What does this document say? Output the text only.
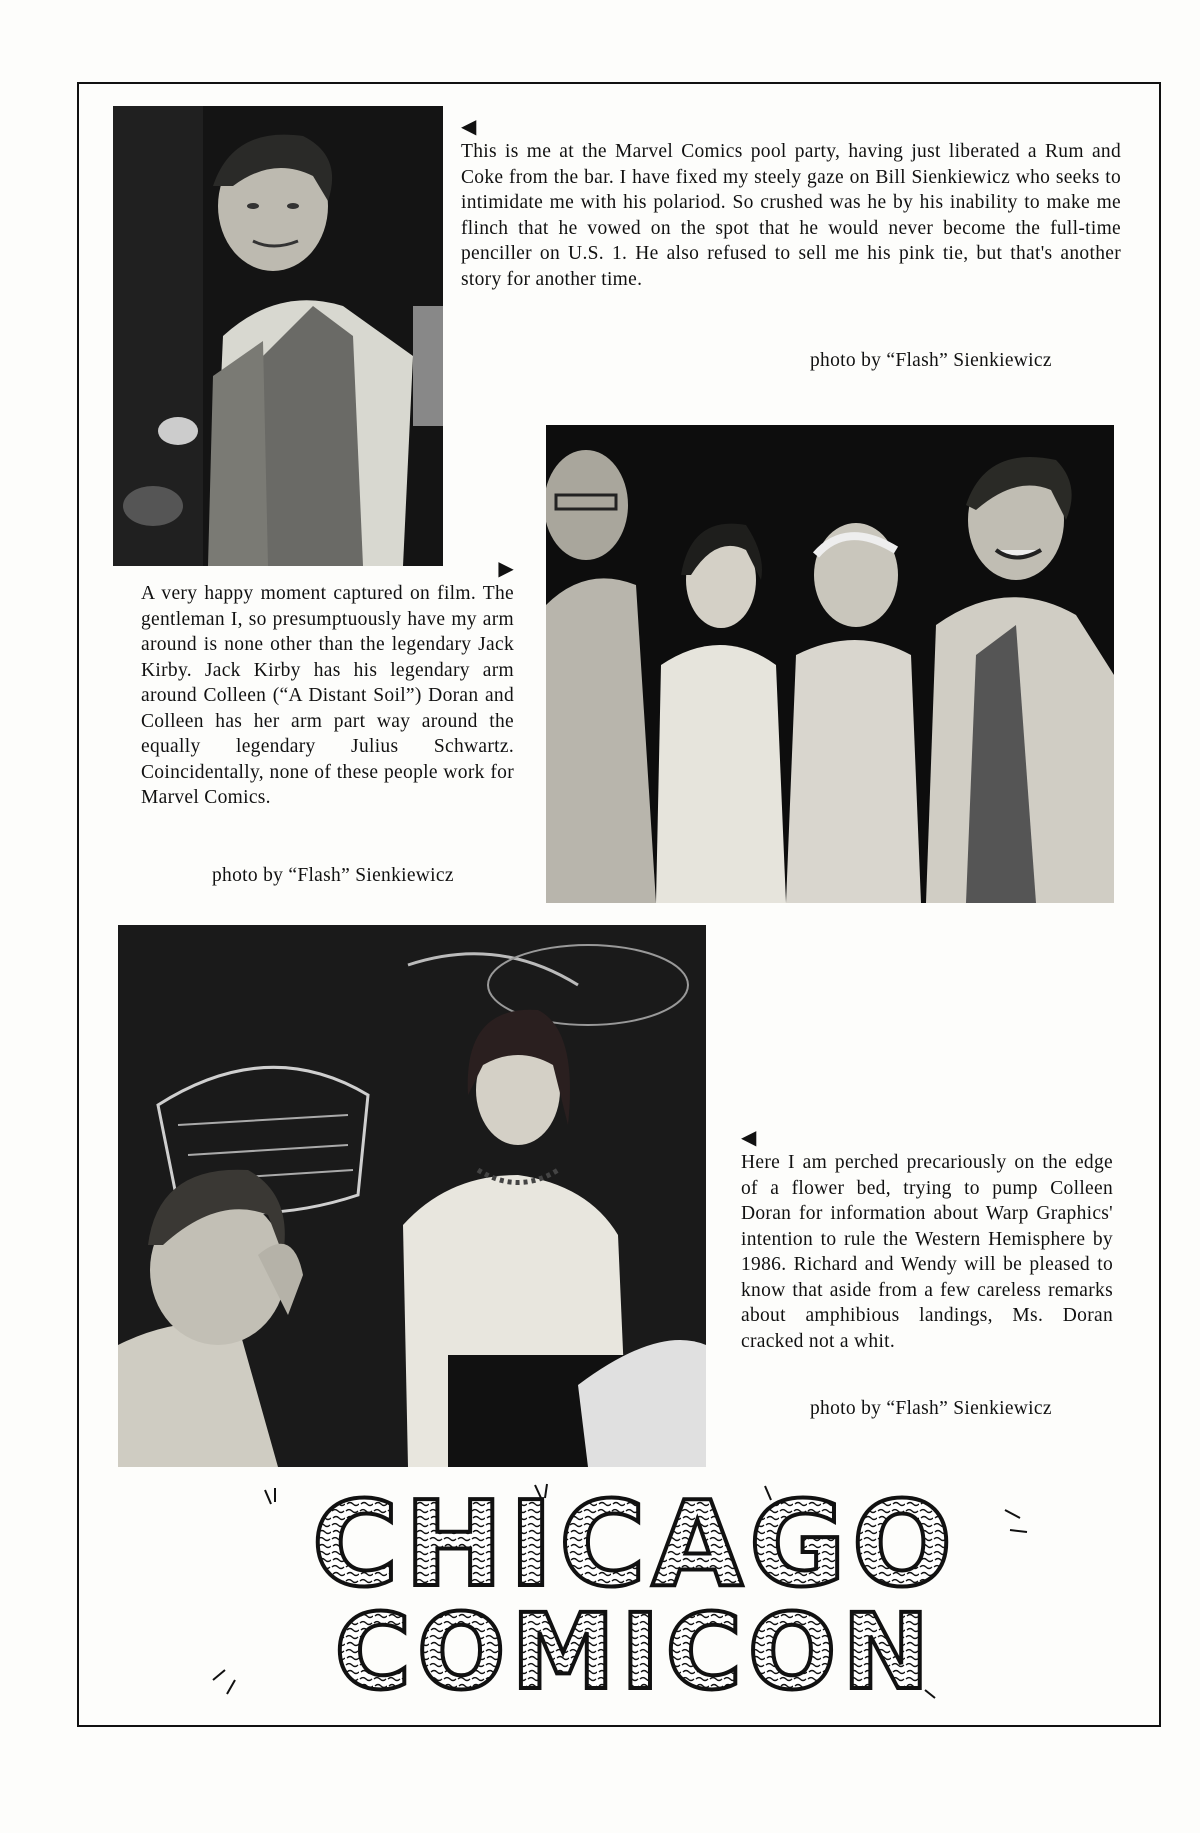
◀
This is me at the Marvel Comics pool party, having just liberated a Rum and Coke from the bar. I have fixed my steely gaze on Bill Sienkiewicz who seeks to intimidate me with his polariod. So crushed was he by his inability to make me flinch that he vowed on the spot that he would never become the full-time penciller on U.S. 1. He also refused to sell me his pink tie, but that's another story for another time.
photo by “Flash” Sienkiewicz
▶
A very happy moment captured on film. The gentleman I, so presumptuously have my arm around is none other than the legendary Jack Kirby. Jack Kirby has his legendary arm around Colleen (“A Distant Soil”) Doran and Colleen has her arm part way around the equally legendary Julius Schwartz. Coincidentally, none of these people work for Marvel Comics.
photo by “Flash” Sienkiewicz
◀
Here I am perched precariously on the edge of a flower bed, trying to pump Colleen Doran for information about Warp Graphics' intention to rule the Western Hemisphere by 1986. Richard and Wendy will be pleased to know that aside from a few careless remarks about amphibious landings, Ms. Doran cracked not a whit.
photo by “Flash” Sienkiewicz
CHICAGO
COMICON
